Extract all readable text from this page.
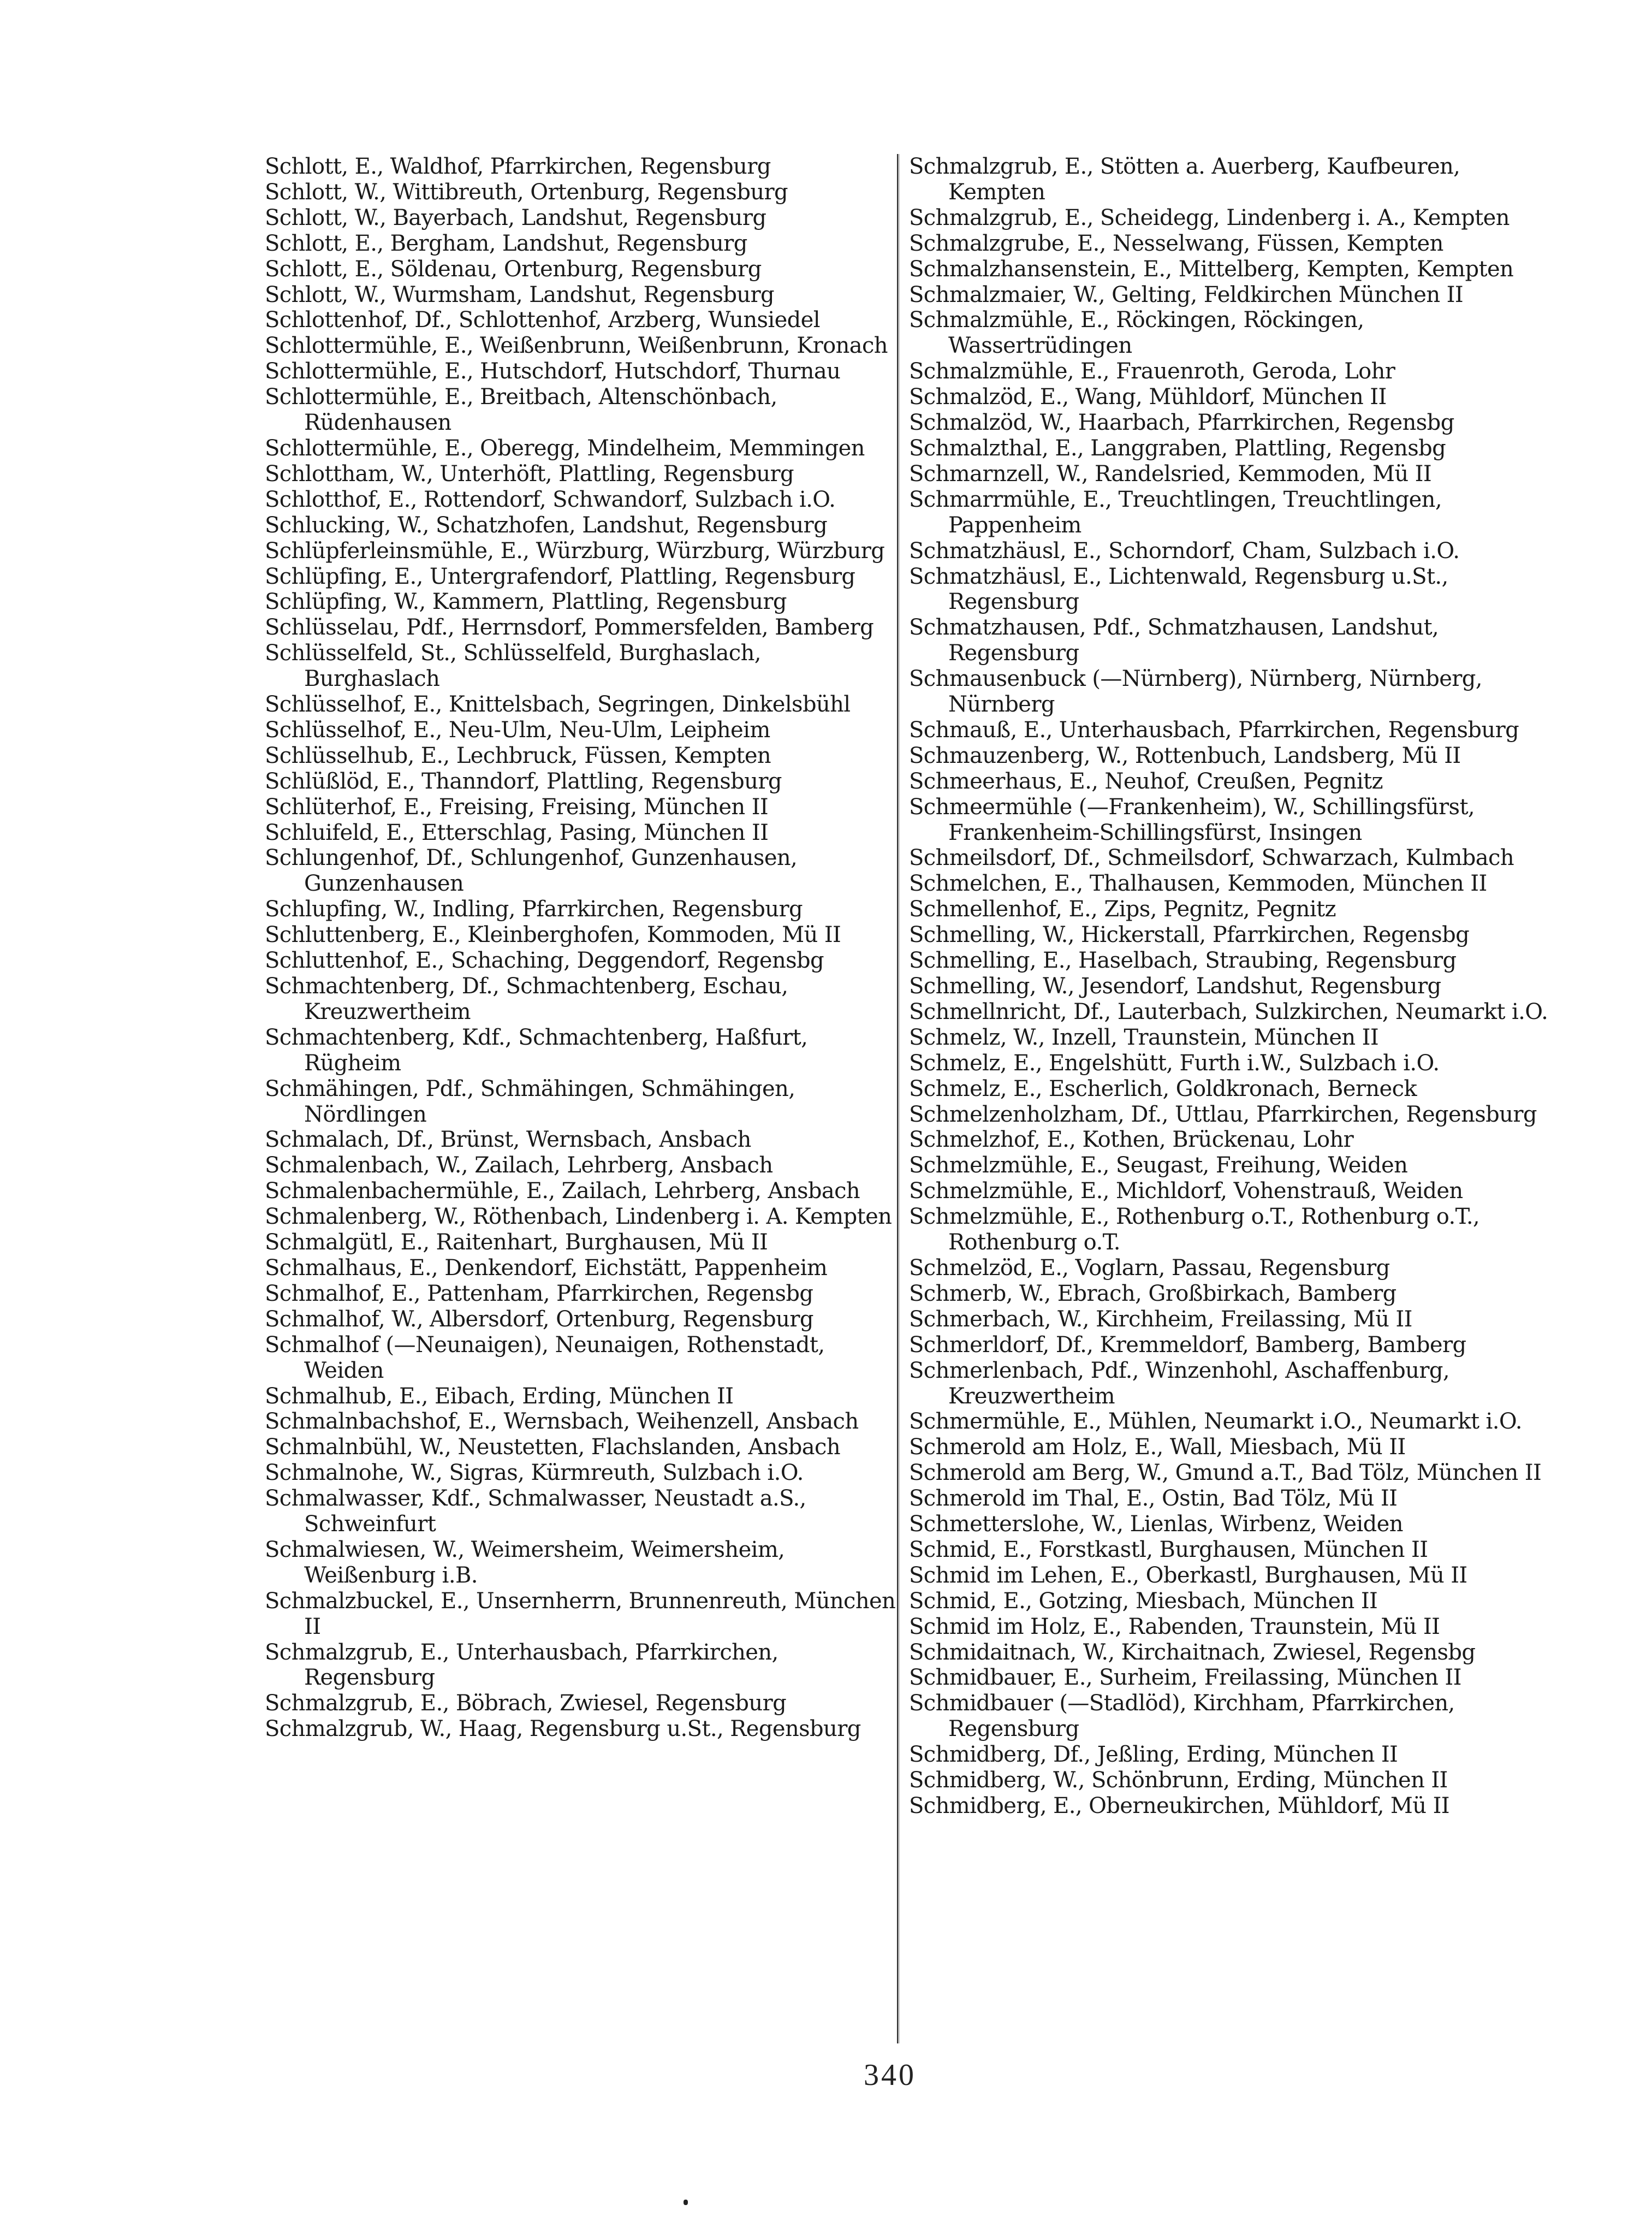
Schlott, E., Waldhof, Pfarrkirchen, Regensburg
Schlott, W., Wittibreuth, Ortenburg, Regensburg
Schlott, W., Bayerbach, Landshut, Regensburg
Schlott, E., Bergham, Landshut, Regensburg
Schlott, E., Söldenau, Ortenburg, Regensburg
Schlott, W., Wurmsham, Landshut, Regensburg
Schlottenhof, Df., Schlottenhof, Arzberg, Wunsiedel
Schlottermühle, E., Weißenbrunn, Weißenbrunn, Kronach
Schlottermühle, E., Hutschdorf, Hutschdorf, Thurnau
Schlottermühle, E., Breitbach, Altenschönbach, Rüdenhausen
Schlottermühle, E., Oberegg, Mindelheim, Memmingen
Schlottham, W., Unterhöft, Plattling, Regensburg
Schlotthof, E., Rottendorf, Schwandorf, Sulzbach i.O.
Schlucking, W., Schatzhofen, Landshut, Regensburg
Schlüpferleinsmühle, E., Würzburg, Würzburg, Würzburg
Schlüpfing, E., Untergrafendorf, Plattling, Regensburg
Schlüpfing, W., Kammern, Plattling, Regensburg
Schlüsselau, Pdf., Herrnsdorf, Pommersfelden, Bamberg
Schlüsselfeld, St., Schlüsselfeld, Burghaslach, Burghaslach
Schlüsselhof, E., Knittelsbach, Segringen, Dinkelsbühl
Schlüsselhof, E., Neu-Ulm, Neu-Ulm, Leipheim
Schlüsselhub, E., Lechbruck, Füssen, Kempten
Schlüßlöd, E., Thanndorf, Plattling, Regensburg
Schlüterhof, E., Freising, Freising, München II
Schluifeld, E., Etterschlag, Pasing, München II
Schlungenhof, Df., Schlungenhof, Gunzenhausen, Gunzenhausen
Schlupfing, W., Indling, Pfarrkirchen, Regensburg
Schluttenberg, E., Kleinberghofen, Kommoden, Mü II
Schluttenhof, E., Schaching, Deggendorf, Regensbg
Schmachtenberg, Df., Schmachtenberg, Eschau, Kreuzwertheim
Schmachtenberg, Kdf., Schmachtenberg, Haßfurt, Rügheim
Schmähingen, Pdf., Schmähingen, Schmähingen, Nördlingen
Schmalach, Df., Brünst, Wernsbach, Ansbach
Schmalenbach, W., Zailach, Lehrberg, Ansbach
Schmalenbachermühle, E., Zailach, Lehrberg, Ansbach
Schmalenberg, W., Röthenbach, Lindenberg i. A. Kempten
Schmalgütl, E., Raitenhart, Burghausen, Mü II
Schmalhaus, E., Denkendorf, Eichstätt, Pappenheim
Schmalhof, E., Pattenham, Pfarrkirchen, Regensbg
Schmalhof, W., Albersdorf, Ortenburg, Regensburg
Schmalhof (—Neunaigen), Neunaigen, Rothenstadt, Weiden
Schmalhub, E., Eibach, Erding, München II
Schmalnbachshof, E., Wernsbach, Weihenzell, Ansbach
Schmalnbühl, W., Neustetten, Flachslanden, Ansbach
Schmalnohe, W., Sigras, Kürmreuth, Sulzbach i.O.
Schmalwasser, Kdf., Schmalwasser, Neustadt a.S., Schweinfurt
Schmalwiesen, W., Weimersheim, Weimersheim, Weißenburg i.B.
Schmalzbuckel, E., Unsernherrn, Brunnenreuth, München II
Schmalzgrub, E., Unterhausbach, Pfarrkirchen, Regensburg
Schmalzgrub, E., Böbrach, Zwiesel, Regensburg
Schmalzgrub, W., Haag, Regensburg u.St., Regensburg
Schmalzgrub, E., Stötten a. Auerberg, Kaufbeuren, Kempten
Schmalzgrub, E., Scheidegg, Lindenberg i. A., Kempten
Schmalzgrube, E., Nesselwang, Füssen, Kempten
Schmalzhansenstein, E., Mittelberg, Kempten, Kempten
Schmalzmaier, W., Gelting, Feldkirchen München II
Schmalzmühle, E., Röckingen, Röckingen, Wassertrüdingen
Schmalzmühle, E., Frauenroth, Geroda, Lohr
Schmalzöd, E., Wang, Mühldorf, München II
Schmalzöd, W., Haarbach, Pfarrkirchen, Regensbg
Schmalzthal, E., Langgraben, Plattling, Regensbg
Schmarnzell, W., Randelsried, Kemmoden, Mü II
Schmarrmühle, E., Treuchtlingen, Treuchtlingen, Pappenheim
Schmatzhäusl, E., Schorndorf, Cham, Sulzbach i.O.
Schmatzhäusl, E., Lichtenwald, Regensburg u.St., Regensburg
Schmatzhausen, Pdf., Schmatzhausen, Landshut, Regensburg
Schmausenbuck (—Nürnberg), Nürnberg, Nürnberg, Nürnberg
Schmauß, E., Unterhausbach, Pfarrkirchen, Regensburg
Schmauzenberg, W., Rottenbuch, Landsberg, Mü II
Schmeerhaus, E., Neuhof, Creußen, Pegnitz
Schmeermühle (—Frankenheim), W., Schillingsfürst, Frankenheim-Schillingsfürst, Insingen
Schmeilsdorf, Df., Schmeilsdorf, Schwarzach, Kulmbach
Schmelchen, E., Thalhausen, Kemmoden, München II
Schmellenhof, E., Zips, Pegnitz, Pegnitz
Schmelling, W., Hickerstall, Pfarrkirchen, Regensbg
Schmelling, E., Haselbach, Straubing, Regensburg
Schmelling, W., Jesendorf, Landshut, Regensburg
Schmellnricht, Df., Lauterbach, Sulzkirchen, Neumarkt i.O.
Schmelz, W., Inzell, Traunstein, München II
Schmelz, E., Engelshütt, Furth i.W., Sulzbach i.O.
Schmelz, E., Escherlich, Goldkronach, Berneck
Schmelzenholzham, Df., Uttlau, Pfarrkirchen, Regensburg
Schmelzhof, E., Kothen, Brückenau, Lohr
Schmelzmühle, E., Seugast, Freihung, Weiden
Schmelzmühle, E., Michldorf, Vohenstrauß, Weiden
Schmelzmühle, E., Rothenburg o.T., Rothenburg o.T., Rothenburg o.T.
Schmelzöd, E., Voglarn, Passau, Regensburg
Schmerb, W., Ebrach, Großbirkach, Bamberg
Schmerbach, W., Kirchheim, Freilassing, Mü II
Schmerldorf, Df., Kremmeldorf, Bamberg, Bamberg
Schmerlenbach, Pdf., Winzenhohl, Aschaffenburg, Kreuzwertheim
Schmermühle, E., Mühlen, Neumarkt i.O., Neumarkt i.O.
Schmerold am Holz, E., Wall, Miesbach, Mü II
Schmerold am Berg, W., Gmund a.T., Bad Tölz, München II
Schmerold im Thal, E., Ostin, Bad Tölz, Mü II
Schmetterslohe, W., Lienlas, Wirbenz, Weiden
Schmid, E., Forstkastl, Burghausen, München II
Schmid im Lehen, E., Oberkastl, Burghausen, Mü II
Schmid, E., Gotzing, Miesbach, München II
Schmid im Holz, E., Rabenden, Traunstein, Mü II
Schmidaitnach, W., Kirchaitnach, Zwiesel, Regensbg
Schmidbauer, E., Surheim, Freilassing, München II
Schmidbauer (—Stadlöd), Kirchham, Pfarrkirchen, Regensburg
Schmidberg, Df., Jeßling, Erding, München II
Schmidberg, W., Schönbrunn, Erding, München II
Schmidberg, E., Oberneukirchen, Mühldorf, Mü II
340
